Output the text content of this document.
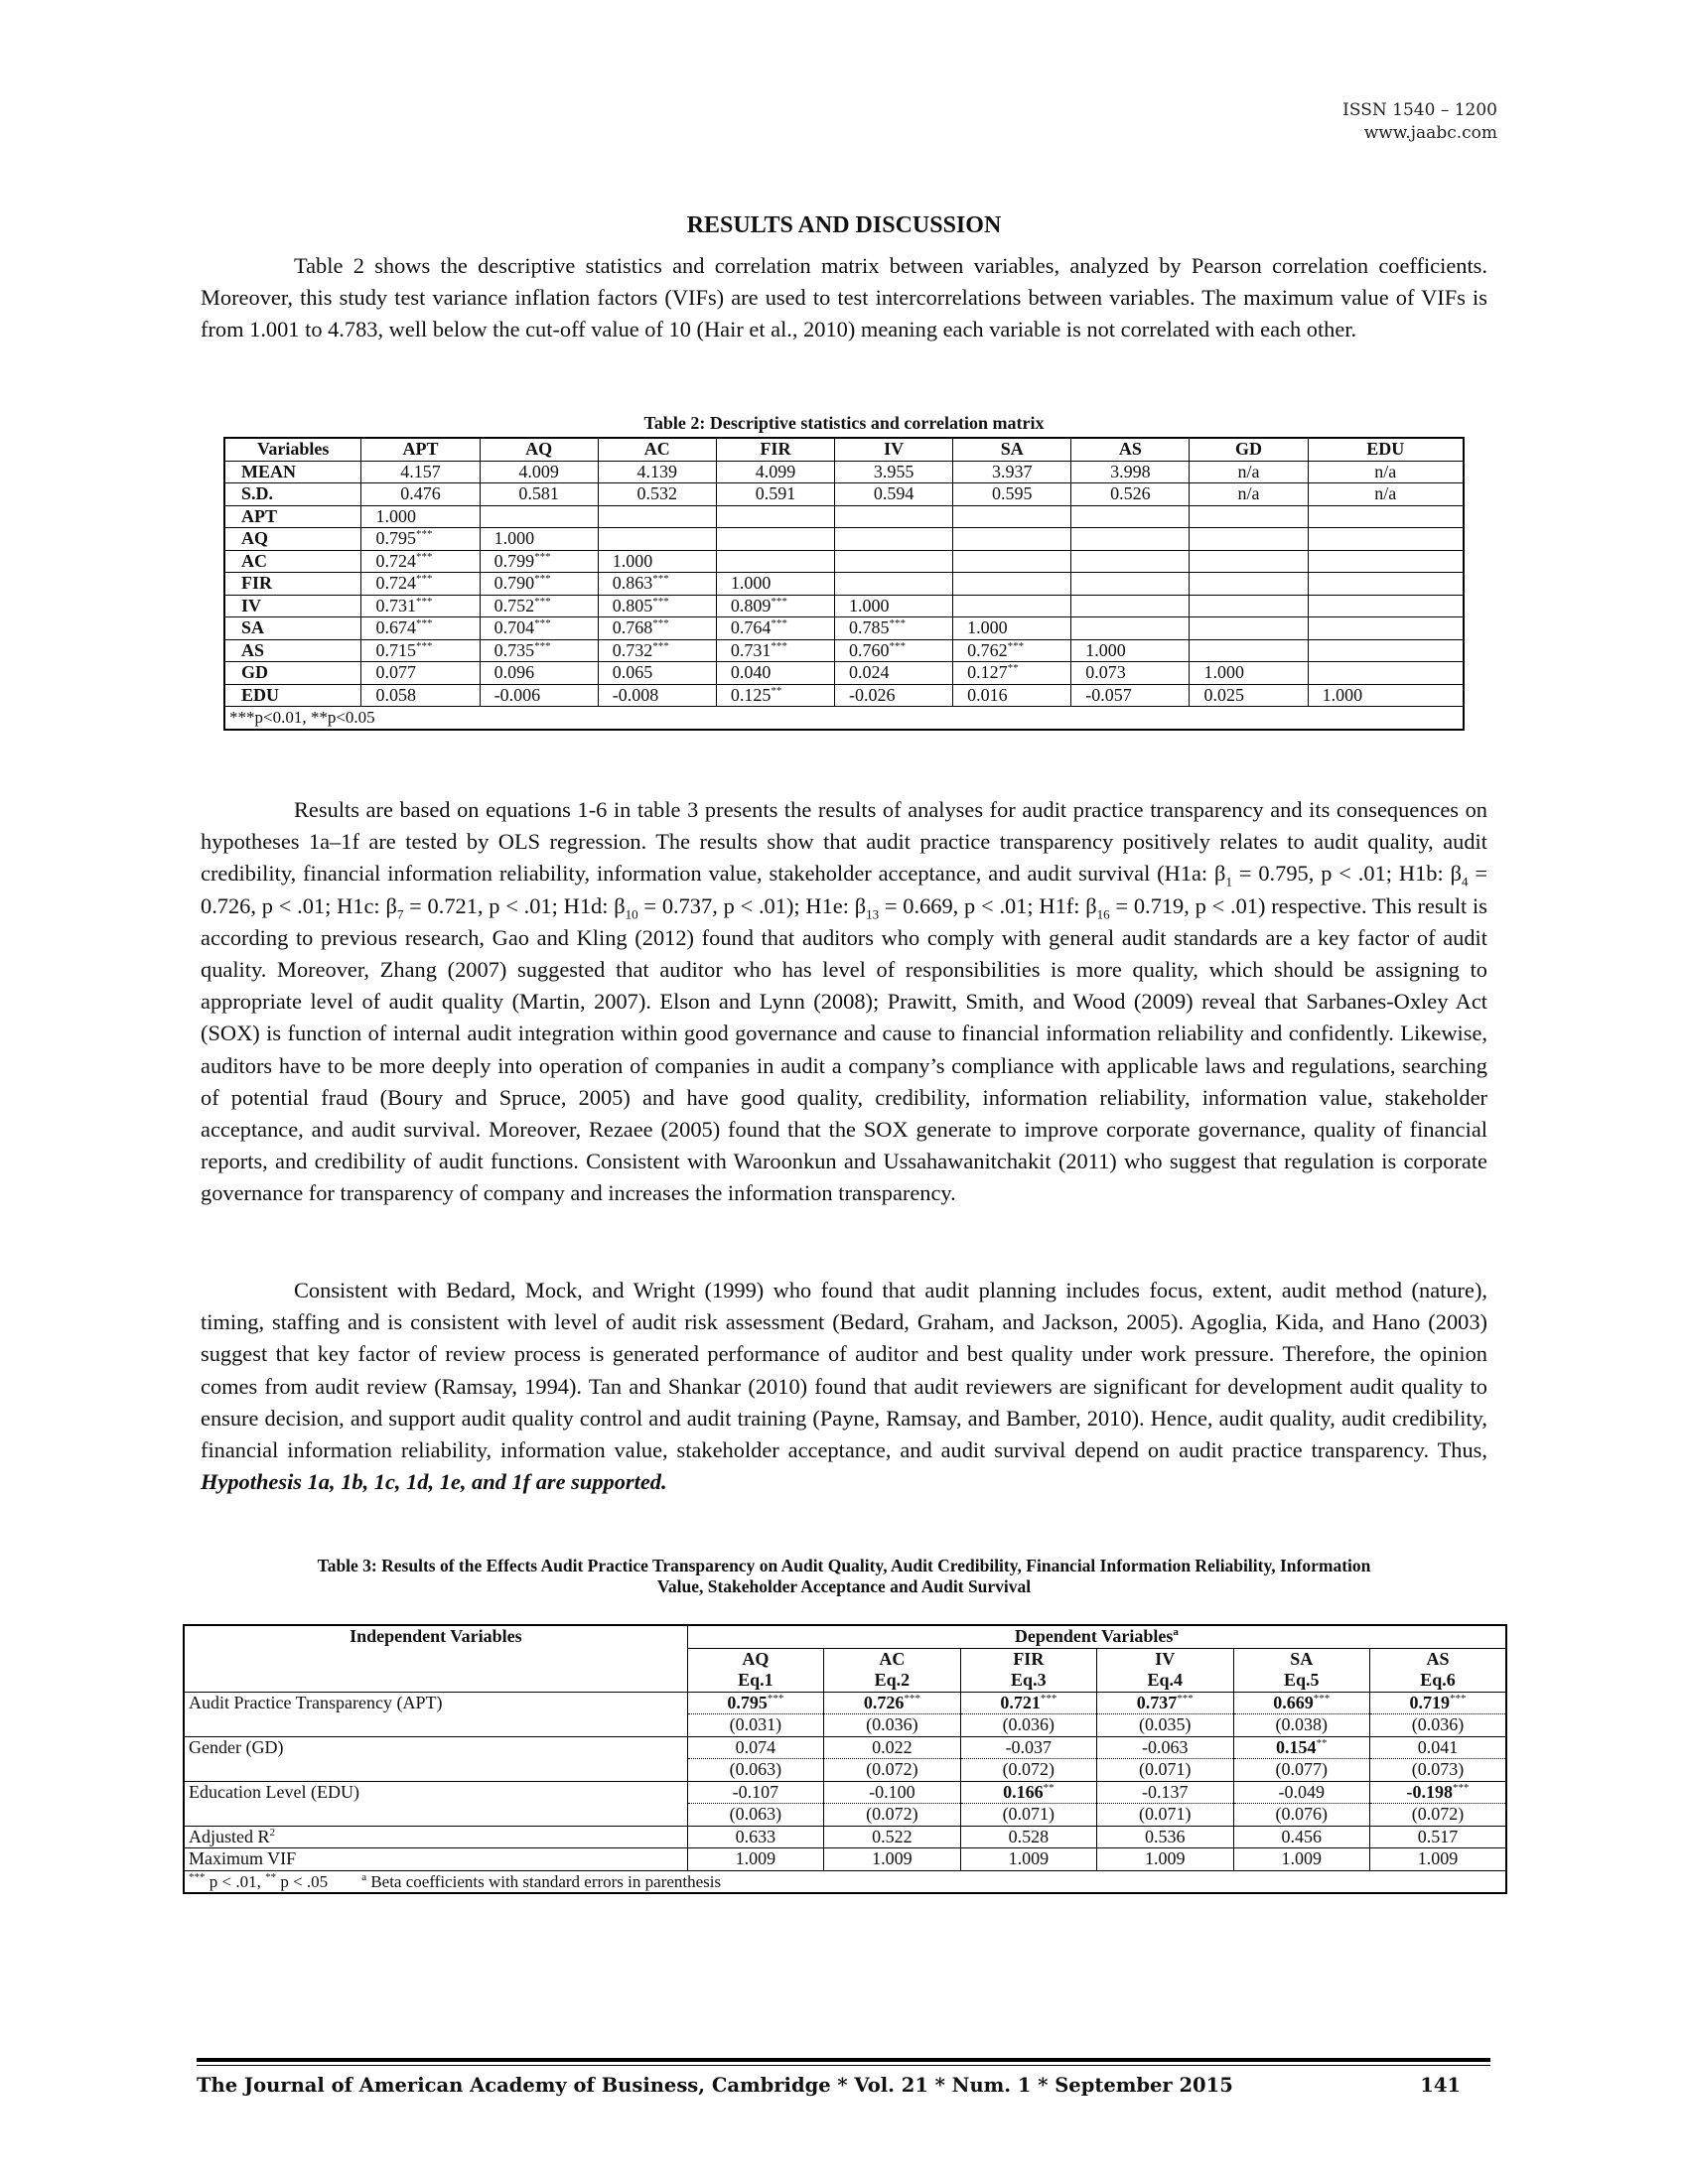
ISSN 1540 – 1200
www.jaabc.com
RESULTS AND DISCUSSION

Table 2 shows the descriptive statistics and correlation matrix between variables, analyzed by Pearson correlation coefficients. Moreover, this study test variance inflation factors (VIFs) are used to test intercorrelations between variables. The maximum value of VIFs is from 1.001 to 4.783, well below the cut-off value of 10 (Hair et al., 2010) meaning each variable is not correlated with each other.

Table 2: Descriptive statistics and correlation matrix
Variables	APT	AQ	AC	FIR	IV	SA	AS	GD	EDU
MEAN	4.157	4.009	4.139	4.099	3.955	3.937	3.998	n/a	n/a
S.D.	0.476	0.581	0.532	0.591	0.594	0.595	0.526	n/a	n/a
APT	1.000								
AQ	0.795***	1.000							
AC	0.724***	0.799***	1.000						
FIR	0.724***	0.790***	0.863***	1.000					
IV	0.731***	0.752***	0.805***	0.809***	1.000				
SA	0.674***	0.704***	0.768***	0.764***	0.785***	1.000			
AS	0.715***	0.735***	0.732***	0.731***	0.760***	0.762***	1.000		
GD	0.077	0.096	0.065	0.040	0.024	0.127**	0.073	1.000	
EDU	0.058	-0.006	-0.008	0.125**	-0.026	0.016	-0.057	0.025	1.000
***p<0.01, **p<0.05									

Results are based on equations 1-6 in table 3 presents the results of analyses for audit practice transparency and its consequences on hypotheses 1a–1f are tested by OLS regression. The results show that audit practice transparency positively relates to audit quality, audit credibility, financial information reliability, information value, stakeholder acceptance, and audit survival (H1a: $\beta_1 = 0.795$, p < .01; H1b: $\beta_4 = 0.726$, p < .01; H1c: $\beta_7 = 0.721$, p < .01; H1d: $\beta_{10} = 0.737$, p < .01); H1e: $\beta_{13} = 0.669$, p < .01; H1f: $\beta_{16} = 0.719$, p < .01) respective. This result is according to previous research, Gao and Kling (2012) found that auditors who comply with general audit standards are a key factor of audit quality. Moreover, Zhang (2007) suggested that auditor who has level of responsibilities is more quality, which should be assigning to appropriate level of audit quality (Martin, 2007). Elson and Lynn (2008); Prawitt, Smith, and Wood (2009) reveal that Sarbanes-Oxley Act (SOX) is function of internal audit integration within good governance and cause to financial information reliability and confidently. Likewise, auditors have to be more deeply into operation of companies in audit a company’s compliance with applicable laws and regulations, searching of potential fraud (Boury and Spruce, 2005) and have good quality, credibility, information reliability, information value, stakeholder acceptance, and audit survival. Moreover, Rezaee (2005) found that the SOX generate to improve corporate governance, quality of financial reports, and credibility of audit functions. Consistent with Waroonkun and Ussahawanitchakit (2011) who suggest that regulation is corporate governance for transparency of company and increases the information transparency.

Consistent with Bedard, Mock, and Wright (1999) who found that audit planning includes focus, extent, audit method (nature), timing, staffing and is consistent with level of audit risk assessment (Bedard, Graham, and Jackson, 2005). Agoglia, Kida, and Hano (2003) suggest that key factor of review process is generated performance of auditor and best quality under work pressure. Therefore, the opinion comes from audit review (Ramsay, 1994). Tan and Shankar (2010) found that audit reviewers are significant for development audit quality to ensure decision, and support audit quality control and audit training (Payne, Ramsay, and Bamber, 2010). Hence, audit quality, audit credibility, financial information reliability, information value, stakeholder acceptance, and audit survival depend on audit practice transparency. Thus, Hypothesis 1a, 1b, 1c, 1d, 1e, and 1f are supported.

Table 3: Results of the Effects Audit Practice Transparency on Audit Quality, Audit Credibility, Financial Information Reliability, Information
Value, Stakeholder Acceptance and Audit Survival
Independent Variables	Dependent Variables$^a$

	AQ	AC	FIR	IV	SA	AS

	Eq.1	Eq.2	Eq.3	Eq.4	Eq.5	Eq.6
Audit Practice Transparency (APT)	0.795***	0.726***	0.721***	0.737***	0.669***	0.719***
	(0.031)	(0.036)	(0.036)	(0.035)	(0.038)	(0.036)
Gender (GD)	0.074	0.022	-0.037	-0.063	0.154**	0.041
	(0.063)	(0.072)	(0.072)	(0.071)	(0.077)	(0.073)
Education Level (EDU)	-0.107	-0.100	0.166**	-0.137	-0.049	-0.198***
	(0.063)	(0.072)	(0.071)	(0.071)	(0.076)	(0.072)
Adjusted $R^2$	0.633	0.522	0.528	0.536	0.456	0.517
Maximum VIF	1.009	1.009	1.009	1.009	1.009	1.009
*** p < .01, ** p < .05 $^a$ Beta coefficients with standard errors in parenthesis						
The Journal of American Academy of Business, Cambridge * Vol. 21 * Num. 1 * September 2015	141
